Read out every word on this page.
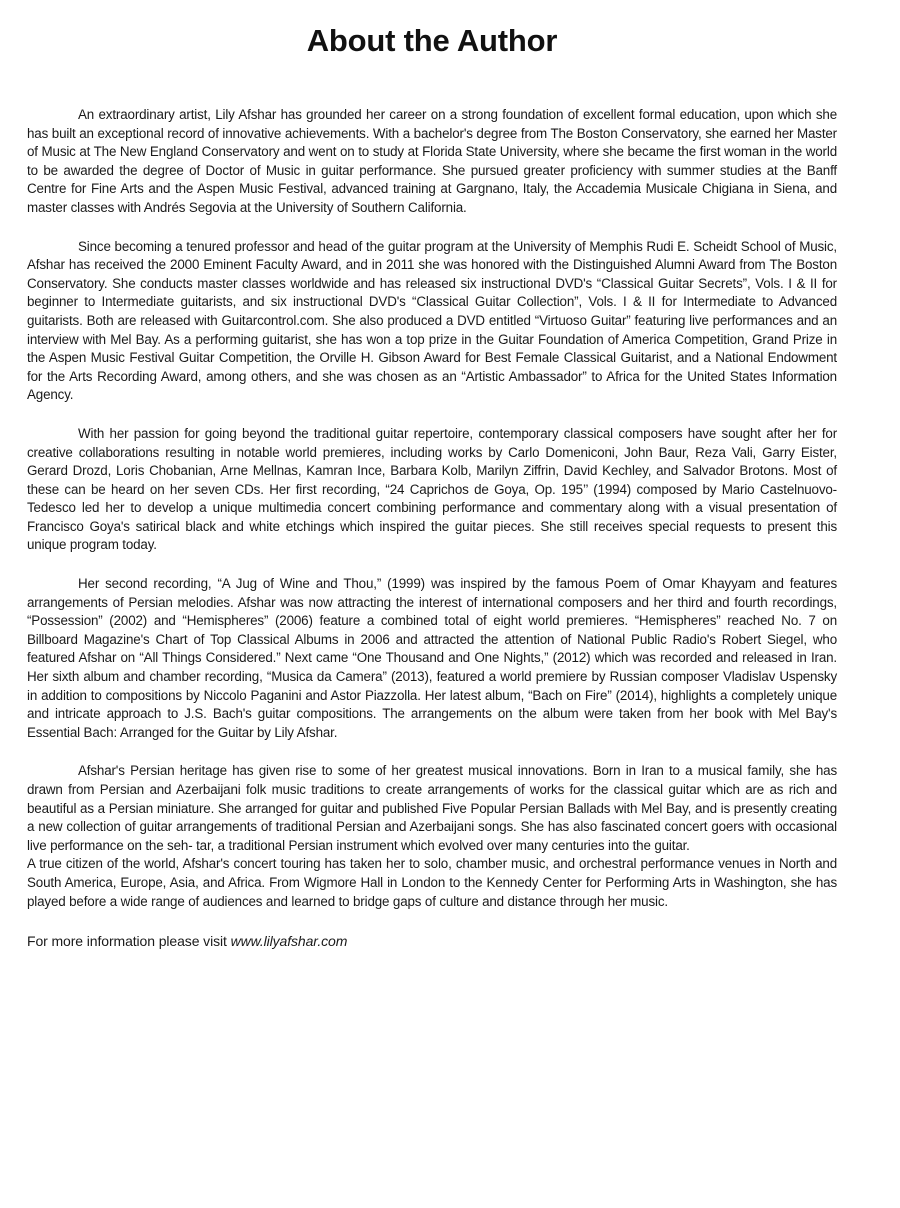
About the Author

An extraordinary artist, Lily Afshar has grounded her career on a strong foundation of excellent formal education, upon which she has built an exceptional record of innovative achievements. With a bachelor's degree from The Boston Conservatory, she earned her Master of Music at The New England Conservatory and went on to study at Florida State University, where she became the first woman in the world to be awarded the degree of Doctor of Music in guitar performance. She pursued greater proficiency with summer studies at the Banff Centre for Fine Arts and the Aspen Music Festival, advanced training at Gargnano, Italy, the Accademia Musicale Chigiana in Siena, and master classes with Andrés Segovia at the University of Southern California.

Since becoming a tenured professor and head of the guitar program at the University of Memphis Rudi E. Scheidt School of Music, Afshar has received the 2000 Eminent Faculty Award, and in 2011 she was honored with the Distinguished Alumni Award from The Boston Conservatory. She conducts master classes worldwide and has released six instructional DVD's “Classical Guitar Secrets”, Vols. I & II for beginner to Intermediate guitarists, and six instructional DVD's “Classical Guitar Collection”, Vols. I & II for Intermediate to Advanced guitarists. Both are released with Guitarcontrol.com. She also produced a DVD entitled “Virtuoso Guitar” featuring live performances and an interview with Mel Bay. As a performing guitarist, she has won a top prize in the Guitar Foundation of America Competition, Grand Prize in the Aspen Music Festival Guitar Competition, the Orville H. Gibson Award for Best Female Classical Guitarist, and a National Endowment for the Arts Recording Award, among others, and she was chosen as an “Artistic Ambassador” to Africa for the United States Information Agency.

With her passion for going beyond the traditional guitar repertoire, contemporary classical composers have sought after her for creative collaborations resulting in notable world premieres, including works by Carlo Domeniconi, John Baur, Reza Vali, Garry Eister, Gerard Drozd, Loris Chobanian, Arne Mellnas, Kamran Ince, Barbara Kolb, Marilyn Ziffrin, David Kechley, and Salvador Brotons. Most of these can be heard on her seven CDs. Her first recording, “24 Caprichos de Goya, Op. 195’’ (1994) composed by Mario Castelnuovo-Tedesco led her to develop a unique multimedia concert combining performance and commentary along with a visual presentation of Francisco Goya's satirical black and white etchings which inspired the guitar pieces. She still receives special requests to present this unique program today.

Her second recording, “A Jug of Wine and Thou,” (1999) was inspired by the famous Poem of Omar Khayyam and features arrangements of Persian melodies. Afshar was now attracting the interest of international composers and her third and fourth recordings, “Possession” (2002) and “Hemispheres” (2006) feature a combined total of eight world premieres. “Hemispheres” reached No. 7 on Billboard Magazine's Chart of Top Classical Albums in 2006 and attracted the attention of National Public Radio's Robert Siegel, who featured Afshar on “All Things Considered.” Next came “One Thousand and One Nights,” (2012) which was recorded and released in Iran. Her sixth album and chamber recording, “Musica da Camera” (2013), featured a world premiere by Russian composer Vladislav Uspensky in addition to compositions by Niccolo Paganini and Astor Piazzolla. Her latest album, “Bach on Fire” (2014), highlights a completely unique and intricate approach to J.S. Bach's guitar compositions. The arrangements on the album were taken from her book with Mel Bay's Essential Bach: Arranged for the Guitar by Lily Afshar.

Afshar's Persian heritage has given rise to some of her greatest musical innovations. Born in Iran to a musical family, she has drawn from Persian and Azerbaijani folk music traditions to create arrangements of works for the classical guitar which are as rich and beautiful as a Persian miniature. She arranged for guitar and published Five Popular Persian Ballads with Mel Bay, and is presently creating a new collection of guitar arrangements of traditional Persian and Azerbaijani songs. She has also fascinated concert goers with occasional live performance on the seh- tar, a traditional Persian instrument which evolved over many centuries into the guitar.

A true citizen of the world, Afshar's concert touring has taken her to solo, chamber music, and orchestral performance venues in North and South America, Europe, Asia, and Africa. From Wigmore Hall in London to the Kennedy Center for Performing Arts in Washington, she has played before a wide range of audiences and learned to bridge gaps of culture and distance through her music.

For more information please visit www.lilyafshar.com
